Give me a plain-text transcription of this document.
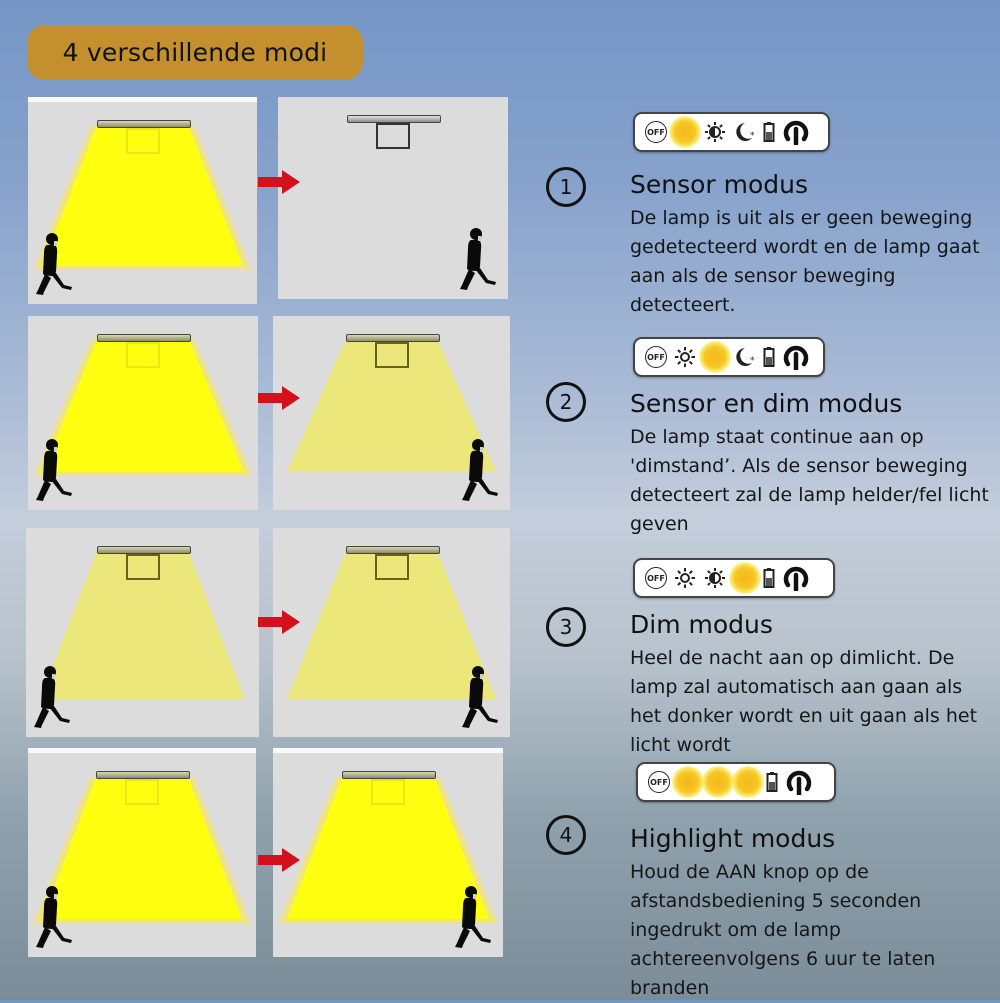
4 verschillende modi
OFF	*
1 Sensor modus
De lamp is uit als er geen beweging gedetecteerd wordt en de lamp gaat aan als de sensor beweging detecteert.
OFF	*
2 Sensor en dim modus
De lamp staat continue aan op 'dimstand’. Als de sensor beweging detecteert zal de lamp helder/fel licht geven
OFF
3 Dim modus
Heel de nacht aan op dimlicht. De lamp zal automatisch aan gaan als het donker wordt en uit gaan als het licht wordt
OFF
4 Highlight modus
Houd de AAN knop op de afstandsbediening 5 seconden ingedrukt om de lamp achtereenvolgens 6 uur te laten branden
